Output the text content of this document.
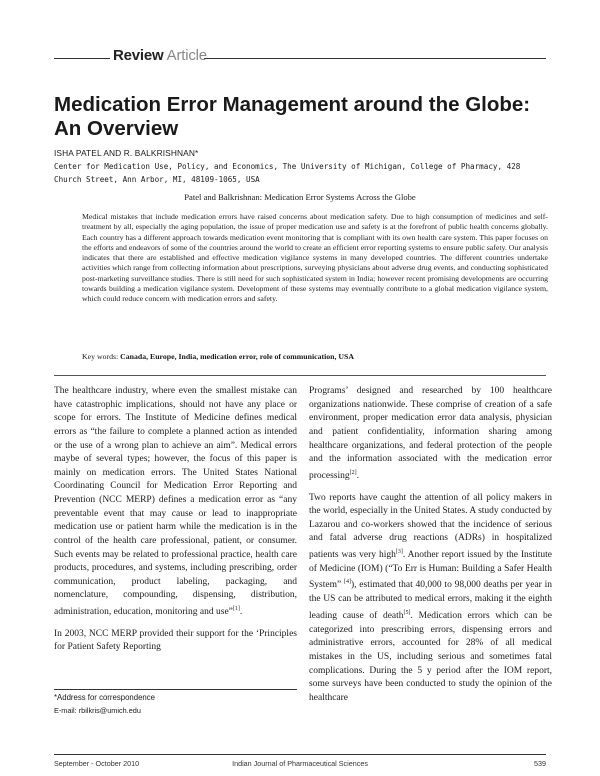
Review Article
Medication Error Management around the Globe: An Overview
ISHA PATEL AND R. BALKRISHNAN*
Center for Medication Use, Policy, and Economics, The University of Michigan, College of Pharmacy, 428 Church Street, Ann Arbor, MI, 48109-1065, USA
Patel and Balkrishnan: Medication Error Systems Across the Globe
Medical mistakes that include medication errors have raised concerns about medication safety. Due to high consumption of medicines and self-treatment by all, especially the aging population, the issue of proper medication use and safety is at the forefront of public health concerns globally. Each country has a different approach towards medication event monitoring that is compliant with its own health care system. This paper focuses on the efforts and endeavors of some of the countries around the world to create an efficient error reporting systems to ensure public safety. Our analysis indicates that there are established and effective medication vigilance systems in many developed countries. The different countries undertake activities which range from collecting information about prescriptions, surveying physicians about adverse drug events, and conducting sophisticated post-marketing surveillance studies. There is still need for such sophisticated system in India; however recent promising developments are occurring towards building a medication vigilance system. Development of these systems may eventually contribute to a global medication vigilance system, which could reduce concern with medication errors and safety.
Key words: Canada, Europe, India, medication error, role of communication, USA

The healthcare industry, where even the smallest mistake can have catastrophic implications, should not have any place or scope for errors. The Institute of Medicine defines medical errors as “the failure to complete a planned action as intended or the use of a wrong plan to achieve an aim”. Medical errors maybe of several types; however, the focus of this paper is mainly on medication errors. The United States National Coordinating Council for Medication Error Reporting and Prevention (NCC MERP) defines a medication error as “any preventable event that may cause or lead to inappropriate medication use or patient harm while the medication is in the control of the health care professional, patient, or consumer. Such events may be related to professional practice, health care products, procedures, and systems, including prescribing, order communication, product labeling, packaging, and nomenclature, compounding, dispensing, distribution, administration, education, monitoring and use”[1].

In 2003, NCC MERP provided their support for the ‘Principles for Patient Safety Reporting

Programs’ designed and researched by 100 healthcare organizations nationwide. These comprise of creation of a safe environment, proper medication error data analysis, physician and patient confidentiality, information sharing among healthcare organizations, and federal protection of the people and the information associated with the medication error processing[2].

Two reports have caught the attention of all policy makers in the world, especially in the United States. A study conducted by Lazarou and co-workers showed that the incidence of serious and fatal adverse drug reactions (ADRs) in hospitalized patients was very high[3]. Another report issued by the Institute of Medicine (IOM) (“To Err is Human: Building a Safer Health System” [4]), estimated that 40,000 to 98,000 deaths per year in the US can be attributed to medical errors, making it the eighth leading cause of death[5]. Medication errors which can be categorized into prescribing errors, dispensing errors and administrative errors, accounted for 28% of all medical mistakes in the US, including serious and sometimes fatal complications. During the 5 y period after the IOM report, some surveys have been conducted to study the opinion of the healthcare

*Address for correspondence
E-mail: rbilkris@umich.edu
September - October 2010	Indian Journal of Pharmaceutical Sciences	539
